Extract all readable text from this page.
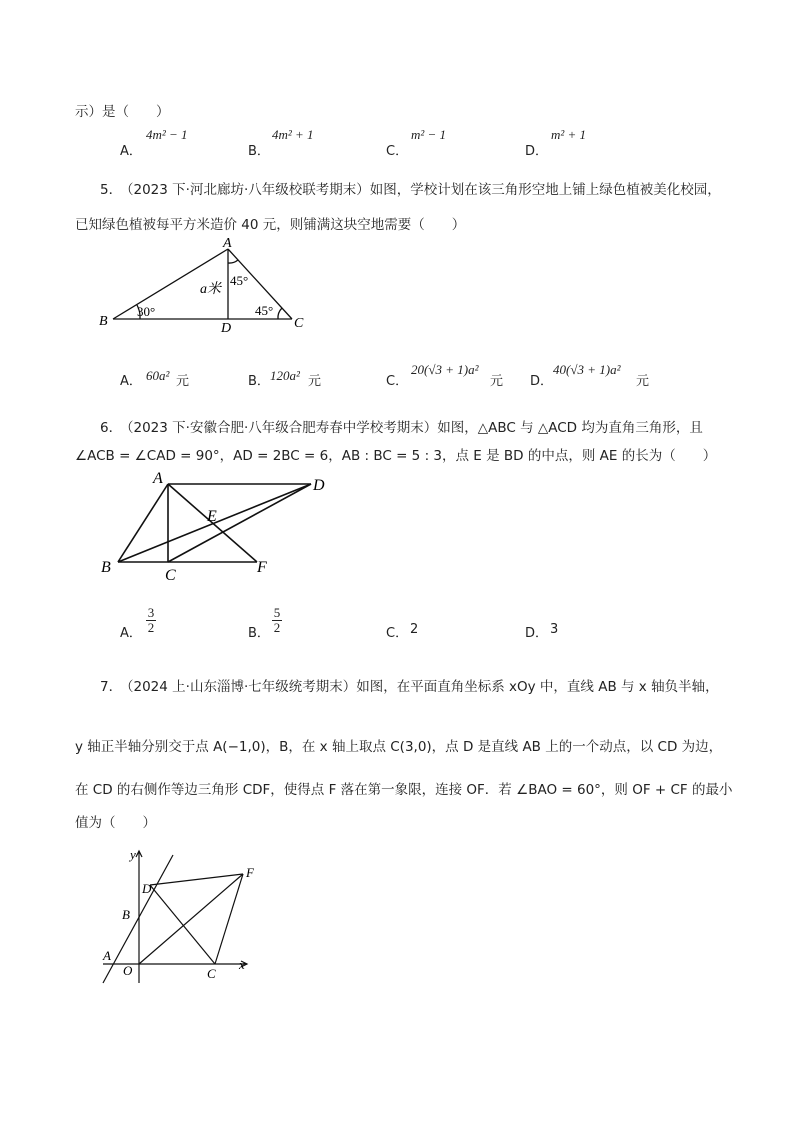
示）是（　　）
A．
4m² − 1
B．
4m² + 1
C．
m² − 1
D．
m² + 1
5．
（2023 下·河北廊坊·八年级校联考期末）如图，学校计划在该三角形空地上铺上绿色植被美化校园，
已知绿色植被每平方米造价 40 元，则铺满这块空地需要（　　）
A
B	C
D
a米
30°
45°
45°
A． 60a² 元	B． 120a² 元	C．
20(√3 + 1)a²
元 D．
40(√3 + 1)a²
元
6．
（2023 下·安徽合肥·八年级合肥寿春中学校考期末）如图，△ABC 与 △ACD 均为直角三角形，且
∠ACB = ∠CAD = 90°，AD = 2BC = 6，AB : BC = 5 : 3，点 E 是 BD 的中点，则 AE 的长为（　　）
A
B	C
D
E
F
A．
3
2	B．
5
2	C． 2	D． 3
7．
（2024 上·山东淄博·七年级统考期末）如图，在平面直角坐标系 xOy 中，直线 AB 与 x 轴负半轴，
y 轴正半轴分别交于点 A(−1,0)，B，在 x 轴上取点 C(3,0)，点 D 是直线 AB 上的一个动点，以 CD 为边，
在 CD 的右侧作等边三角形 CDF，使得点 F 落在第一象限，连接 OF．若 ∠BAO = 60°，则 OF + CF 的最小
值为（　　）
y
x
O
A
B
C
D
F
